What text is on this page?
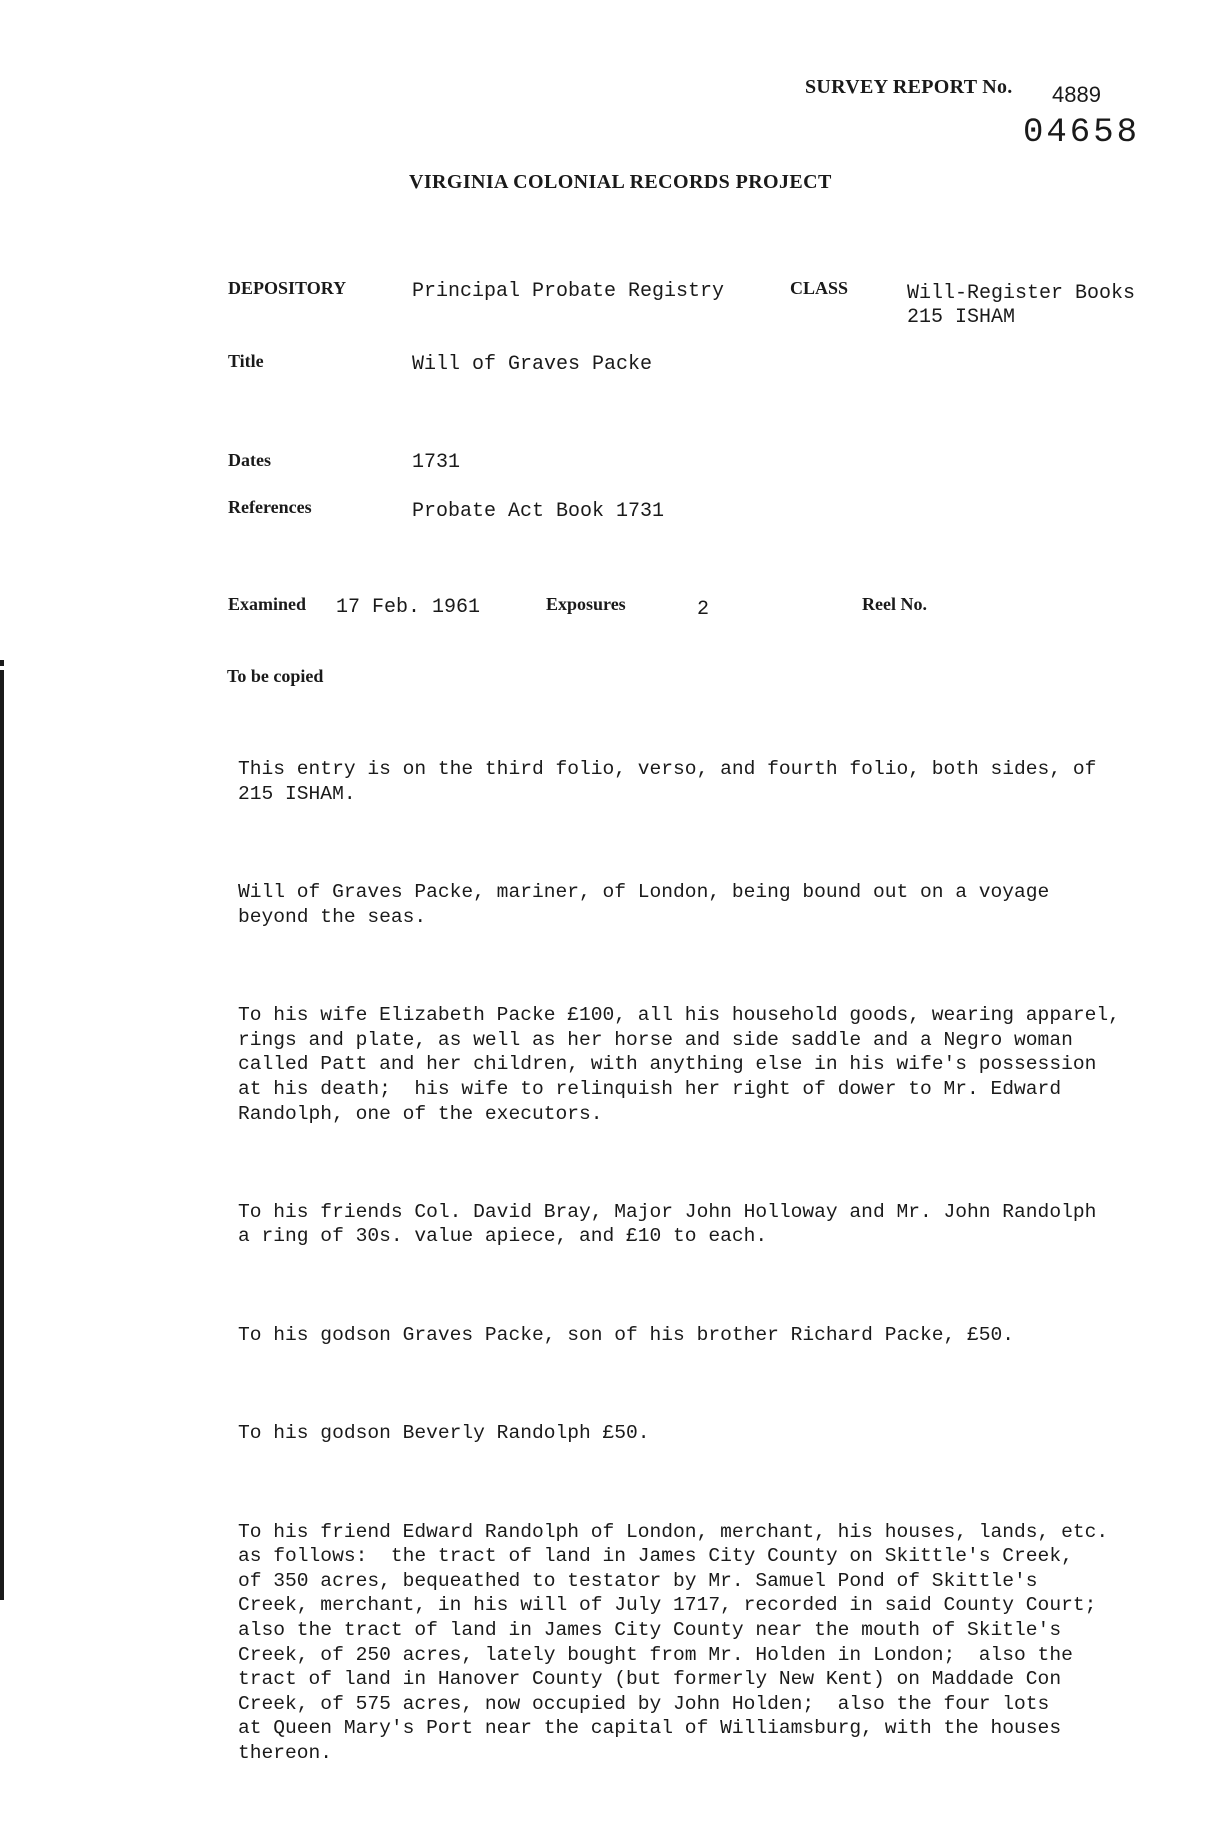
SURVEY REPORT No. 4889
04658
VIRGINIA COLONIAL RECORDS PROJECT
DEPOSITORY	Principal Probate Registry	CLASS	Will-Register Books
215 ISHAM
Title	Will of Graves Packe
Dates	1731
References	Probate Act Book 1731
Examined 17 Feb. 1961	Exposures	2	Reel No.
To be copied

This entry is on the third folio, verso, and fourth folio, both sides, of
215 ISHAM.

Will of Graves Packe, mariner, of London, being bound out on a voyage
beyond the seas.

To his wife Elizabeth Packe £100, all his household goods, wearing apparel,
rings and plate, as well as her horse and side saddle and a Negro woman
called Patt and her children, with anything else in his wife's possession
at his death;  his wife to relinquish her right of dower to Mr. Edward
Randolph, one of the executors.

To his friends Col. David Bray, Major John Holloway and Mr. John Randolph
a ring of 30s. value apiece, and £10 to each.

To his godson Graves Packe, son of his brother Richard Packe, £50.

To his godson Beverly Randolph £50.

To his friend Edward Randolph of London, merchant, his houses, lands, etc.
as follows:  the tract of land in James City County on Skittle's Creek,
of 350 acres, bequeathed to testator by Mr. Samuel Pond of Skittle's
Creek, merchant, in his will of July 1717, recorded in said County Court;
also the tract of land in James City County near the mouth of Skitle's
Creek, of 250 acres, lately bought from Mr. Holden in London;  also the
tract of land in Hanover County (but formerly New Kent) on Maddade Con
Creek, of 575 acres, now occupied by John Holden;  also the four lots
at Queen Mary's Port near the capital of Williamsburg, with the houses
thereon.
